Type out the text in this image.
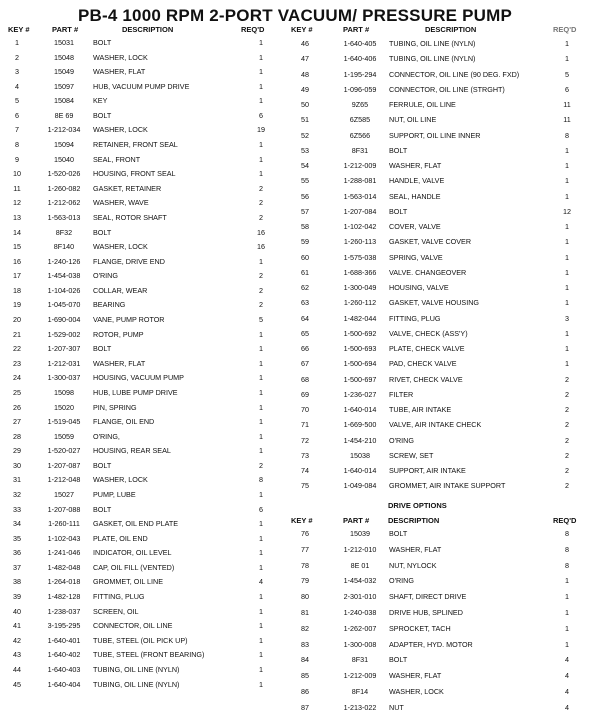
PB-4 1000 RPM 2-PORT VACUUM/ PRESSURE PUMP
KEY #	PART #	DESCRIPTION	REQ'D	KEY #	PART #	DESCRIPTION	REQ'D
DRIVE OPTIONS
KEY #	PART #	DESCRIPTION	REQ'D
1	15031	BOLT	1
2	15048	WASHER, LOCK	1
3	15049	WASHER, FLAT	1
4	15097	HUB, VACUUM PUMP DRIVE	1
5	15084	KEY	1
6	8E 69	BOLT	6
7	1-212-034	WASHER, LOCK	19
8	15094	RETAINER, FRONT SEAL	1
9	15040	SEAL, FRONT	1
10	1-520-026	HOUSING, FRONT SEAL	1
11	1-260-082	GASKET, RETAINER	2
12	1-212-062	WASHER, WAVE	2
13	1-563-013	SEAL, ROTOR SHAFT	2
14	8F32	BOLT	16
15	8F140	WASHER, LOCK	16
16	1-240-126	FLANGE, DRIVE END	1
17	1-454-038	O'RING	2
18	1-104-026	COLLAR, WEAR	2
19	1-045-070	BEARING	2
20	1-690-004	VANE, PUMP ROTOR	5
21	1-529-002	ROTOR, PUMP	1
22	1-207-307	BOLT	1
23	1-212-031	WASHER, FLAT	1
24	1-300-037	HOUSING, VACUUM PUMP	1
25	15098	HUB, LUBE PUMP DRIVE	1
26	15020	PIN, SPRING	1
27	1-519-045	FLANGE, OIL END	1
28	15059	O'RING,	1
29	1-520-027	HOUSING, REAR SEAL	1
30	1-207-087	BOLT	2
31	1-212-048	WASHER, LOCK	8
32	15027	PUMP, LUBE	1
33	1-207-088	BOLT	6
34	1-260-111	GASKET, OIL END PLATE	1
35	1-102-043	PLATE, OIL END	1
36	1-241-046	INDICATOR, OIL LEVEL	1
37	1-482-048	CAP, OIL FILL (VENTED)	1
38	1-264-018	GROMMET, OIL LINE	4
39	1-482-128	FITTING, PLUG	1
40	1-238-037	SCREEN, OIL	1
41	3-195-295	CONNECTOR, OIL LINE	1
42	1-640-401	TUBE, STEEL (OIL PICK UP)	1
43	1-640-402	TUBE, STEEL (FRONT BEARING)	1
44	1-640-403	TUBING, OIL LINE (NYLN)	1
45	1-640-404	TUBING, OIL LINE (NYLN)	1
46	1-640-405	TUBING, OIL LINE (NYLN)	1
47	1-640-406	TUBING, OIL LINE (NYLN)	1
48	1-195-294	CONNECTOR, OIL LINE (90 DEG. FXD)	5
49	1-096-059	CONNECTOR, OIL LINE (STRGHT)	6
50	9Z65	FERRULE, OIL LINE	11
51	6Z585	NUT, OIL LINE	11
52	6Z566	SUPPORT, OIL LINE INNER	8
53	8F31	BOLT	1
54	1-212-009	WASHER, FLAT	1
55	1-288-081	HANDLE, VALVE	1
56	1-563-014	SEAL, HANDLE	1
57	1-207-084	BOLT	12
58	1-102-042	COVER, VALVE	1
59	1-260-113	GASKET, VALVE COVER	1
60	1-575-038	SPRING, VALVE	1
61	1-688-366	VALVE. CHANGEOVER	1
62	1-300-049	HOUSING, VALVE	1
63	1-260-112	GASKET, VALVE HOUSING	1
64	1-482-044	FITTING, PLUG	3
65	1-500-692	VALVE, CHECK (ASS'Y)	1
66	1-500-693	PLATE, CHECK VALVE	1
67	1-500-694	PAD, CHECK VALVE	1
68	1-500-697	RIVET, CHECK VALVE	2
69	1-236-027	FILTER	2
70	1-640-014	TUBE, AIR INTAKE	2
71	1-669-500	VALVE, AIR INTAKE CHECK	2
72	1-454-210	O'RING	2
73	15038	SCREW, SET	2
74	1-640-014	SUPPORT, AIR INTAKE	2
75	1-049-084	GROMMET, AIR INTAKE SUPPORT	2
76	15039	BOLT	8
77	1-212-010	WASHER, FLAT	8
78	8E 01	NUT, NYLOCK	8
79	1-454-032	O'RING	1
80	2-301-010	SHAFT, DIRECT DRIVE	1
81	1-240-038	DRIVE HUB, SPLINED	1
82	1-262-007	SPROCKET, TACH	1
83	1-300-008	ADAPTER, HYD. MOTOR	1
84	8F31	BOLT	4
85	1-212-009	WASHER, FLAT	4
86	8F14	WASHER, LOCK	4
87	1-213-022	NUT	4
